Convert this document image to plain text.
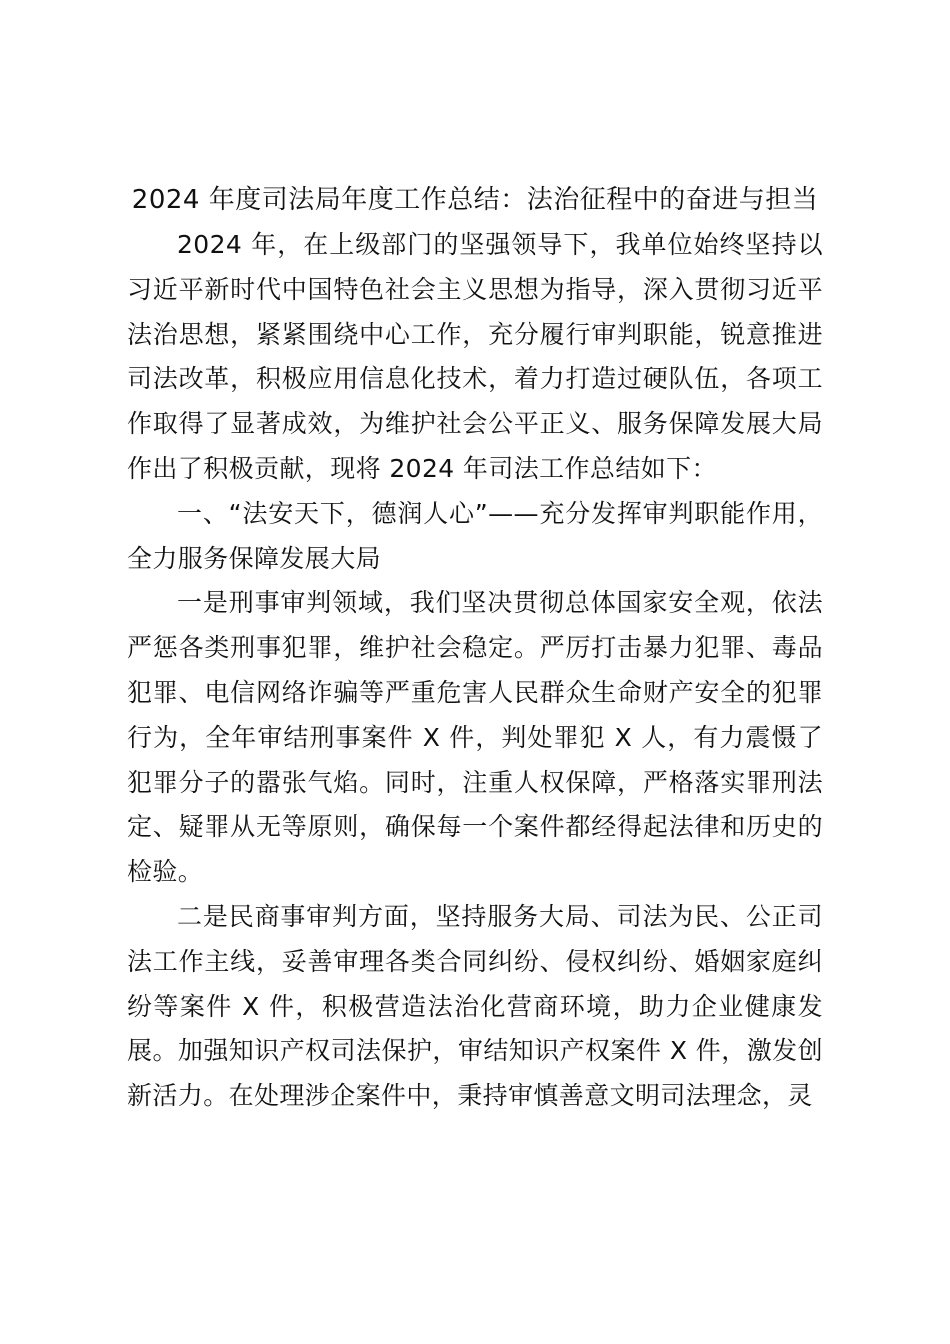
2024 年度司法局年度工作总结：法治征程中的奋进与担当

2024 年，在上级部门的坚强领导下，我单位始终坚持以习近平新时代中国特色社会主义思想为指导，深入贯彻习近平法治思想，紧紧围绕中心工作，充分履行审判职能，锐意推进司法改革，积极应用信息化技术，着力打造过硬队伍，各项工作取得了显著成效，为维护社会公平正义、服务保障发展大局作出了积极贡献，现将 2024 年司法工作总结如下：

一、“法安天下，德润人心”——充分发挥审判职能作用，全力服务保障发展大局

一是刑事审判领域，我们坚决贯彻总体国家安全观，依法严惩各类刑事犯罪，维护社会稳定。严厉打击暴力犯罪、毒品犯罪、电信网络诈骗等严重危害人民群众生命财产安全的犯罪行为，全年审结刑事案件 X 件，判处罪犯 X 人，有力震慑了犯罪分子的嚣张气焰。同时，注重人权保障，严格落实罪刑法定、疑罪从无等原则，确保每一个案件都经得起法律和历史的检验。

二是民商事审判方面，坚持服务大局、司法为民、公正司法工作主线，妥善审理各类合同纠纷、侵权纠纷、婚姻家庭纠纷等案件 X 件，积极营造法治化营商环境，助力企业健康发展。加强知识产权司法保护，审结知识产权案件 X 件，激发创新活力。在处理涉企案件中，秉持审慎善意文明司法理念，灵
